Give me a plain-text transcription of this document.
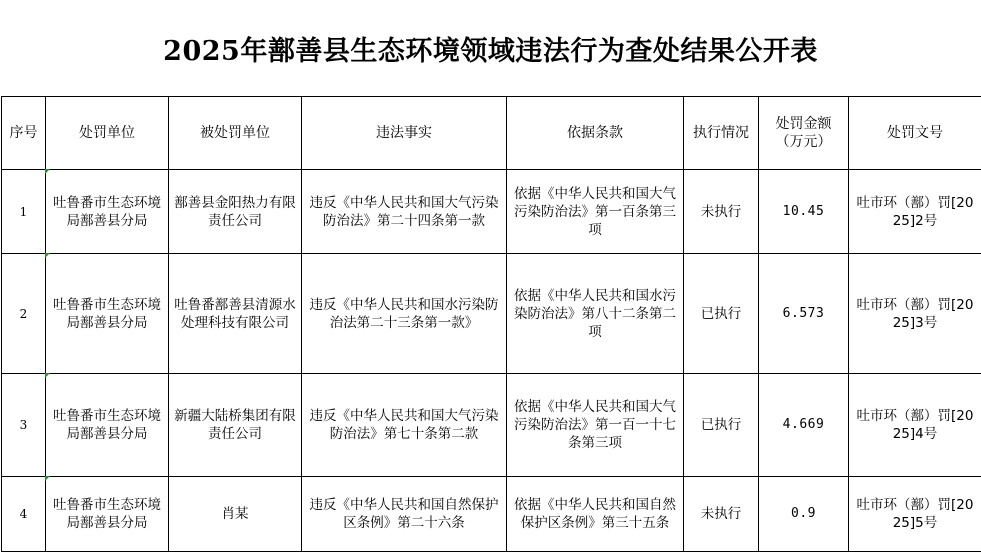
2025年鄯善县生态环境领域违法行为查处结果公开表
序号	处罚单位	被处罚单位	违法事实	依据条款	执行情况	处罚金额（万元）	处罚文号
1	吐鲁番市生态环境局鄯善县分局	鄯善县金阳热力有限责任公司	违反《中华人民共和国大气污染防治法》第二十四条第一款	依据《中华人民共和国大气污染防治法》第一百条第三项	未执行	10.45	吐市环（鄯）罚[2025]2号
2	吐鲁番市生态环境局鄯善县分局	吐鲁番鄯善县清源水处理科技有限公司	违反《中华人民共和国水污染防治法第二十三条第一款》	依据《中华人民共和国水污染防治法》第八十二条第二项	已执行	6.573	吐市环（鄯）罚[2025]3号
3	吐鲁番市生态环境局鄯善县分局	新疆大陆桥集团有限责任公司	违反《中华人民共和国大气污染防治法》第七十条第二款	依据《中华人民共和国大气污染防治法》第一百一十七条第三项	已执行	4.669	吐市环（鄯）罚[2025]4号
4	吐鲁番市生态环境局鄯善县分局	肖某	违反《中华人民共和国自然保护区条例》第二十六条	依据《中华人民共和国自然保护区条例》第三十五条	未执行	0.9	吐市环（鄯）罚[2025]5号
